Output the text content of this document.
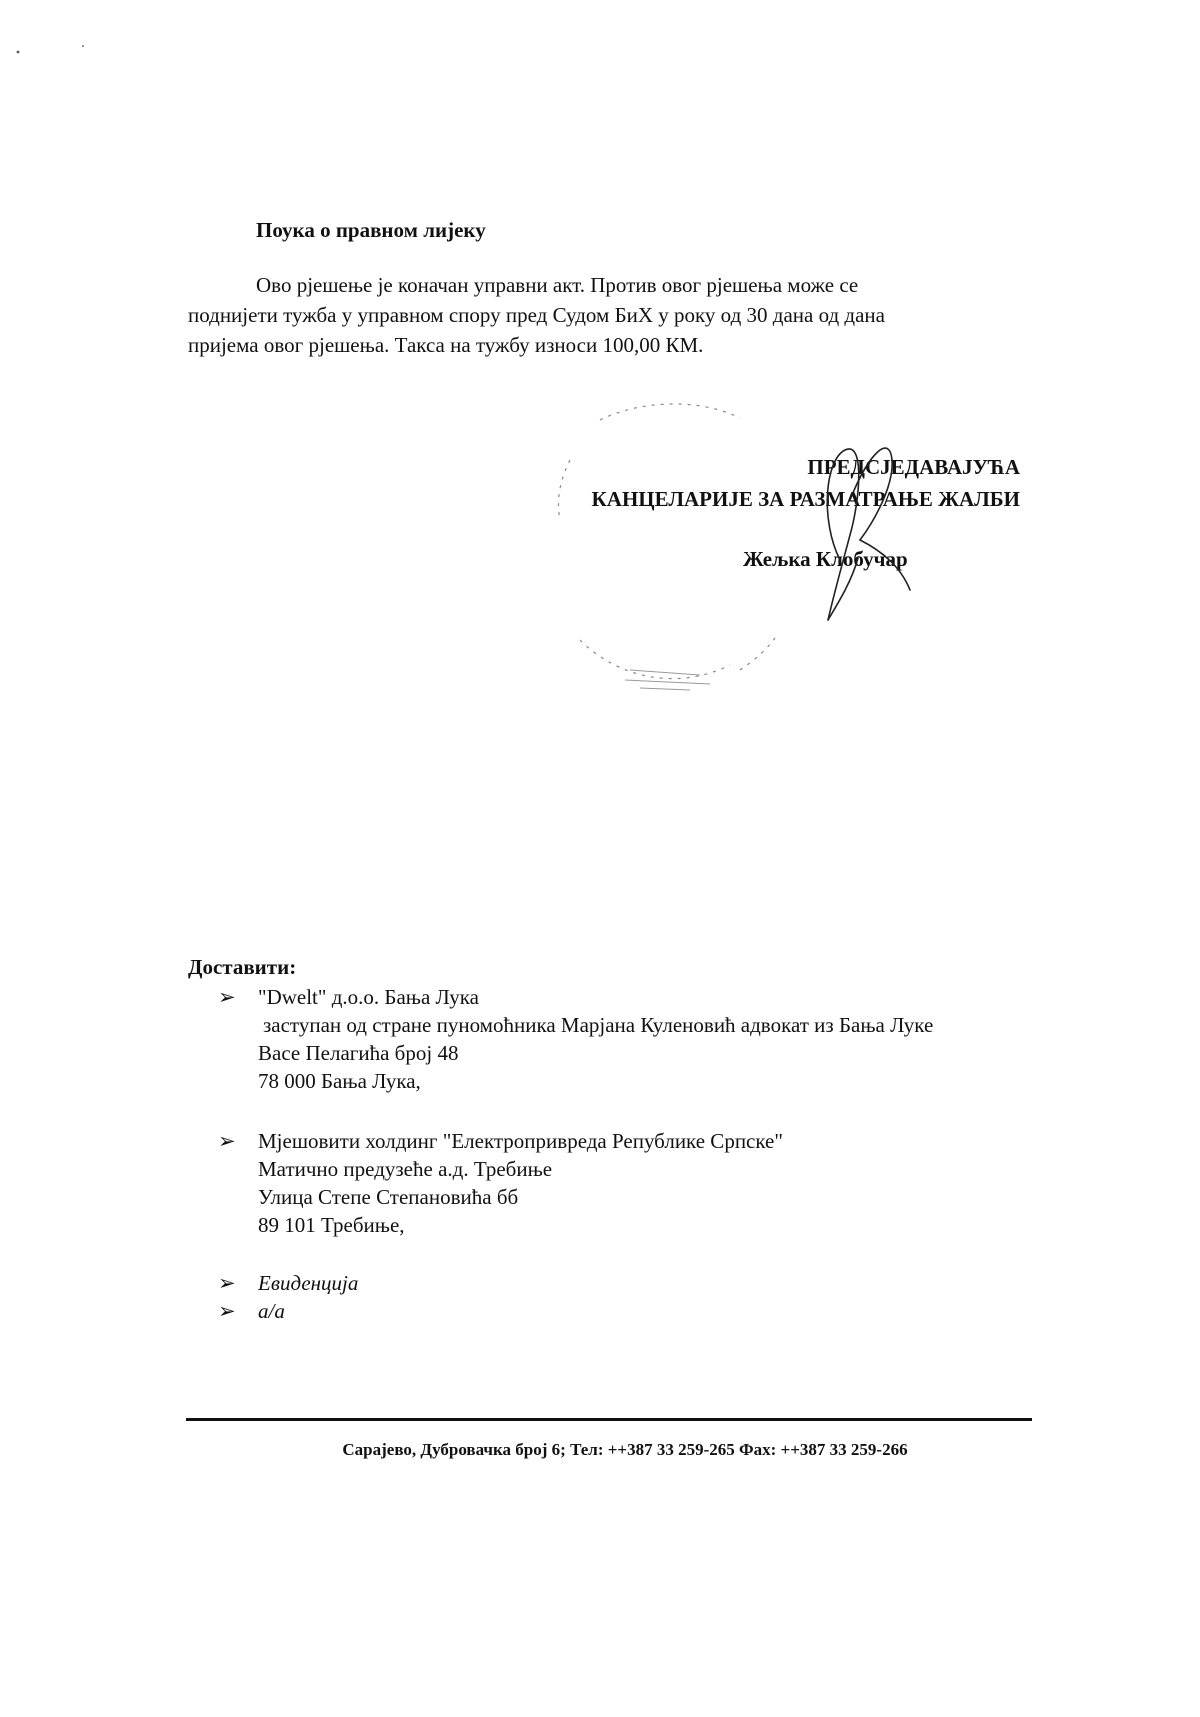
Поука о правном лијеку
Ово рјешење је коначан управни акт. Против овог рјешења може се
поднијети тужба у управном спору пред Судом БиХ у року од 30 дана од дана
пријема овог рјешења. Такса на тужбу износи 100,00 КМ.
ПРЕДСЈЕДАВАЈУЋА
КАНЦЕЛАРИЈЕ ЗА РАЗМАТРАЊЕ ЖАЛБИ
Жељка Клобучар
Доставити:
➢ "Dwelt" д.о.о. Бања Лука
заступан од стране пуномоћника Марјана Куленовић адвокат из Бања Луке
Васе Пелагића број 48
78 000 Бања Лука,
➢ Мјешовити холдинг "Електропривреда Републике Српске"
Матично предузеће а.д. Требиње
Улица Степе Степановића бб
89 101 Требиње,
➢ Евиденција
➢ а/а
Сарајево, Дубровачка број 6; Тел: ++387 33 259-265 Фах: ++387 33 259-266
